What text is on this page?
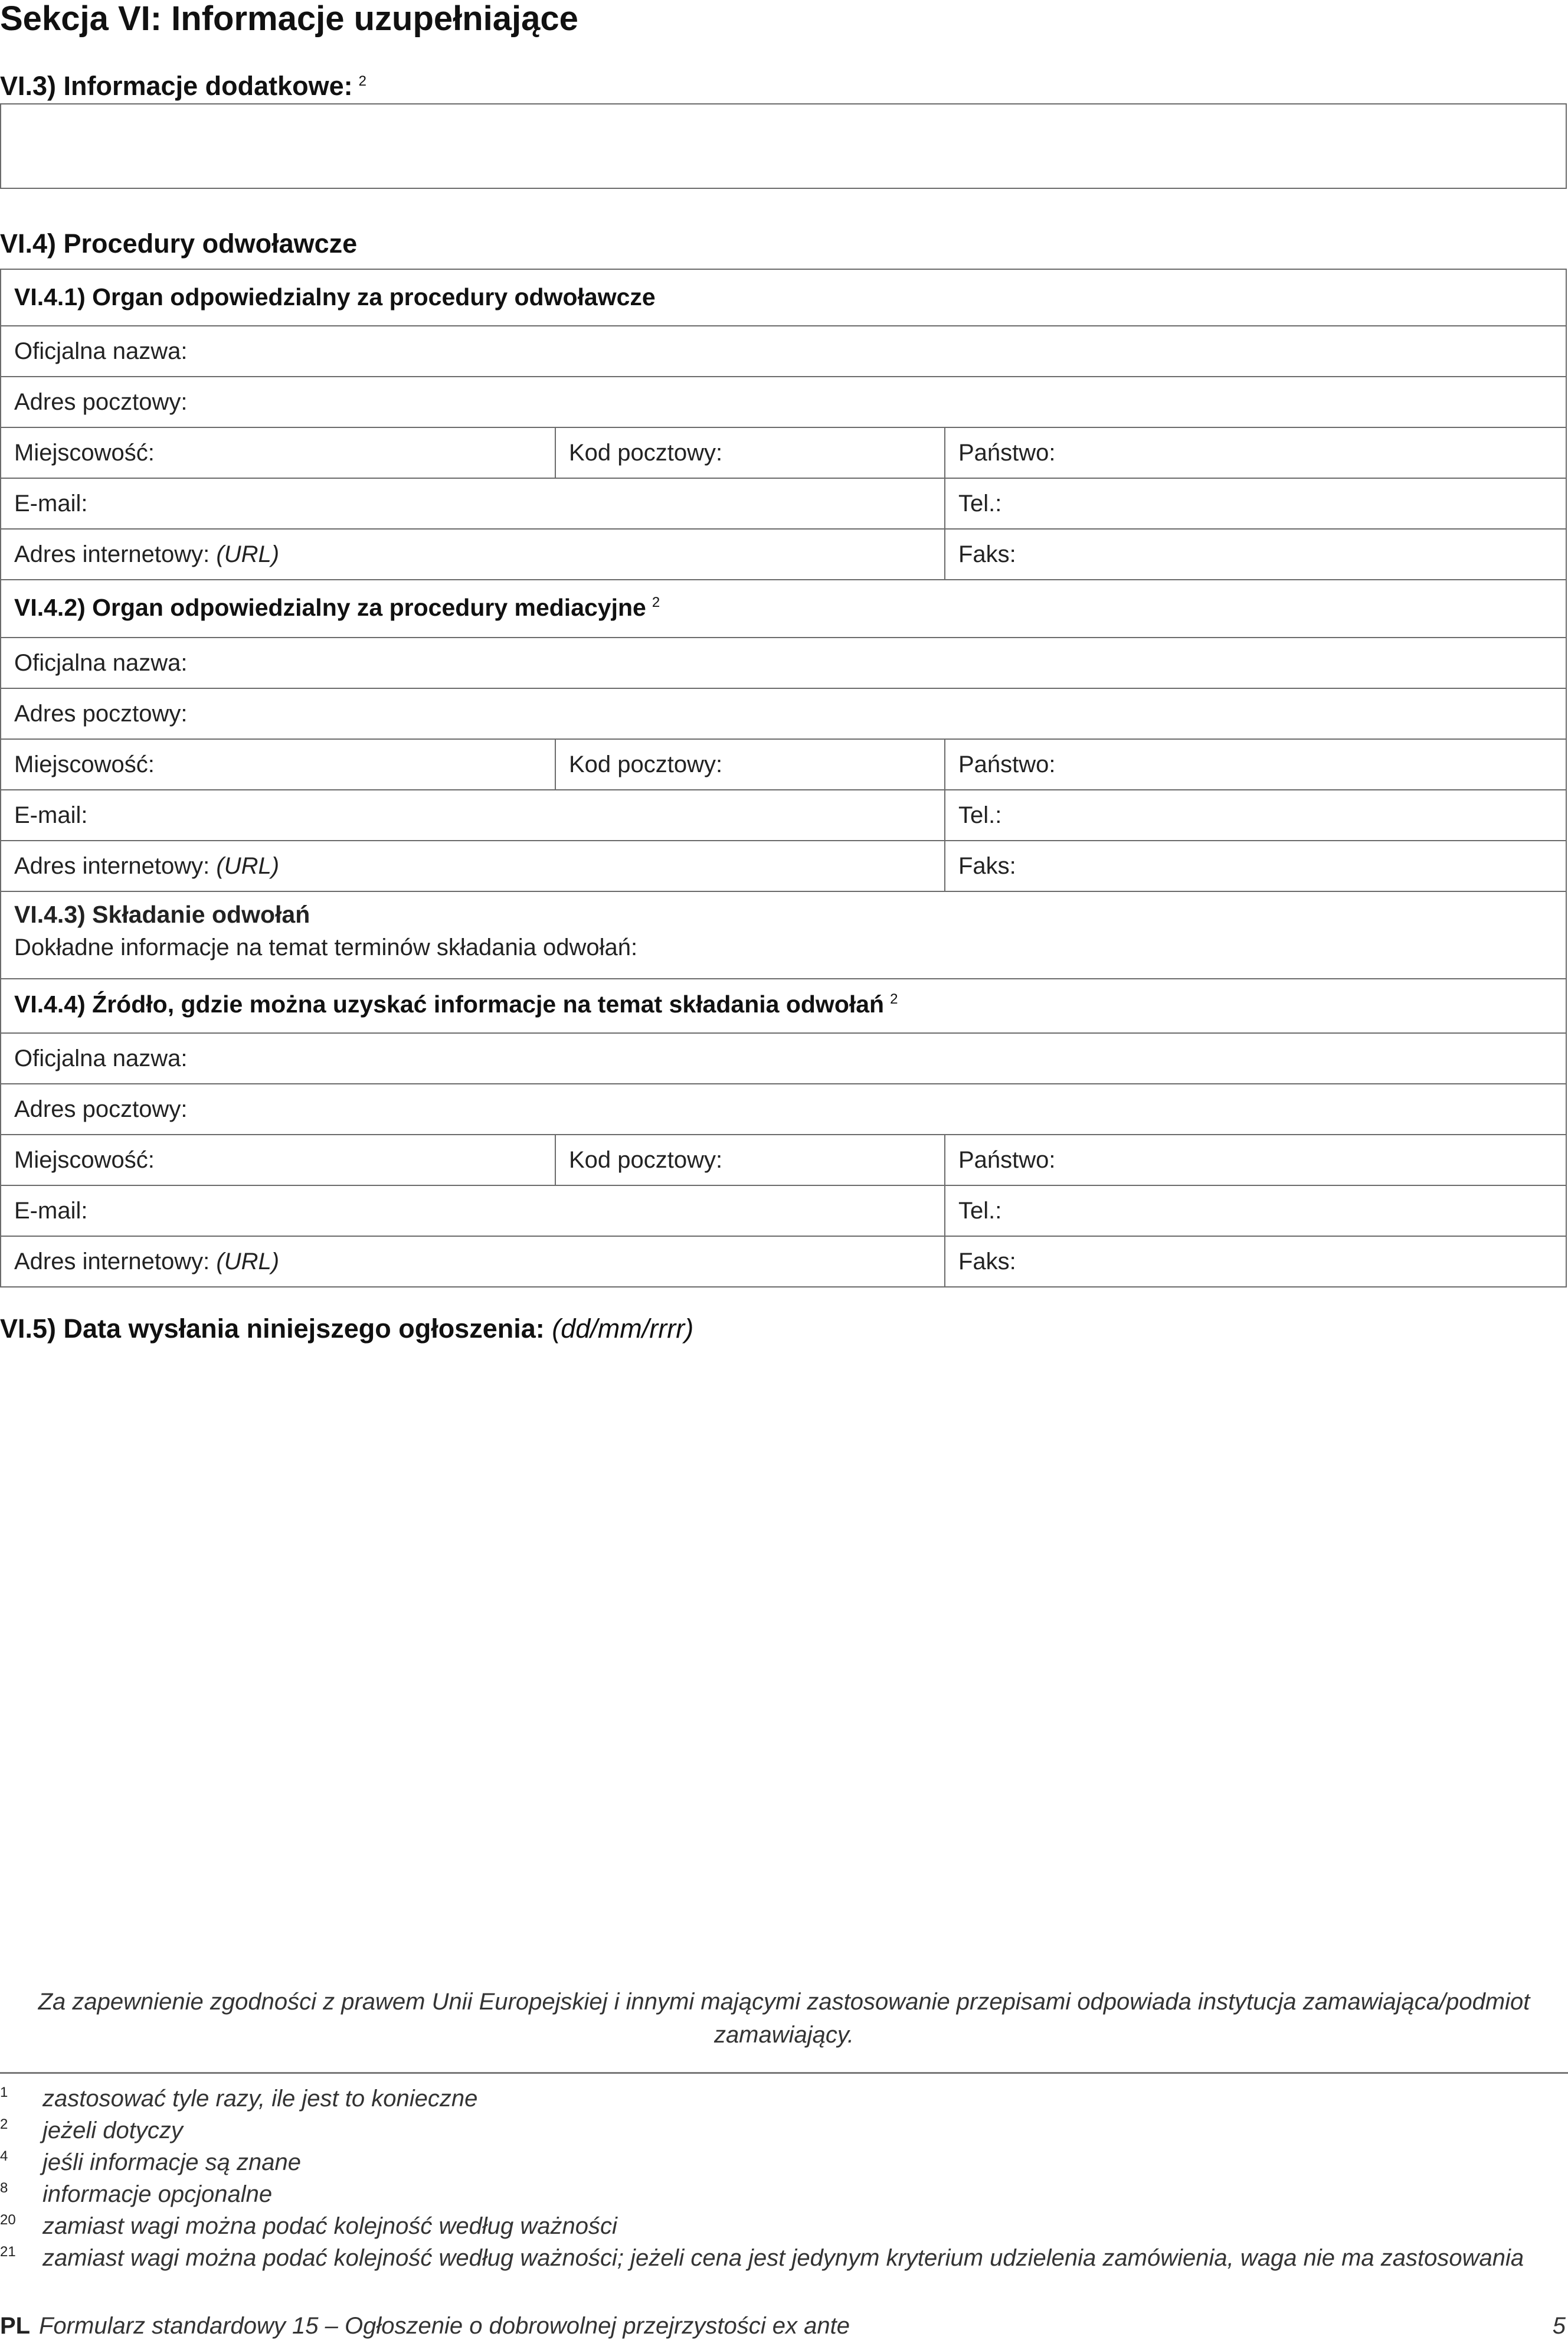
Sekcja VI: Informacje uzupełniające
VI.3) Informacje dodatkowe: $^2$
VI.4) Procedury odwoławcze
VI.4.1) Organ odpowiedzialny za procedury odwoławcze
Oficjalna nazwa:
Adres pocztowy:
Miejscowość:	Kod pocztowy:	Państwo:
E-mail:	Tel.:
Adres internetowy: (URL)	Faks:
VI.4.2) Organ odpowiedzialny za procedury mediacyjne $^2$
Oficjalna nazwa:
Adres pocztowy:
Miejscowość:	Kod pocztowy:	Państwo:
E-mail:	Tel.:
Adres internetowy: (URL)	Faks:
VI.4.3) Składanie odwołań
Dokładne informacje na temat terminów składania odwołań:
VI.4.4) Źródło, gdzie można uzyskać informacje na temat składania odwołań $^2$
Oficjalna nazwa:
Adres pocztowy:
Miejscowość:	Kod pocztowy:	Państwo:
E-mail:	Tel.:
Adres internetowy: (URL)	Faks:
VI.5) Data wysłania niniejszego ogłoszenia: (dd/mm/rrrr)
Za zapewnienie zgodności z prawem Unii Europejskiej i innymi mającymi zastosowanie przepisami odpowiada instytucja zamawiająca/podmiot zamawiający.
1 zastosować tyle razy, ile jest to konieczne
2 jeżeli dotyczy
4 jeśli informacje są znane
8 informacje opcjonalne
20 zamiast wagi można podać kolejność według ważności
21 zamiast wagi można podać kolejność według ważności; jeżeli cena jest jedynym kryterium udzielenia zamówienia, waga nie ma zastosowania
PL Formularz standardowy 15 – Ogłoszenie o dobrowolnej przejrzystości ex ante	5
